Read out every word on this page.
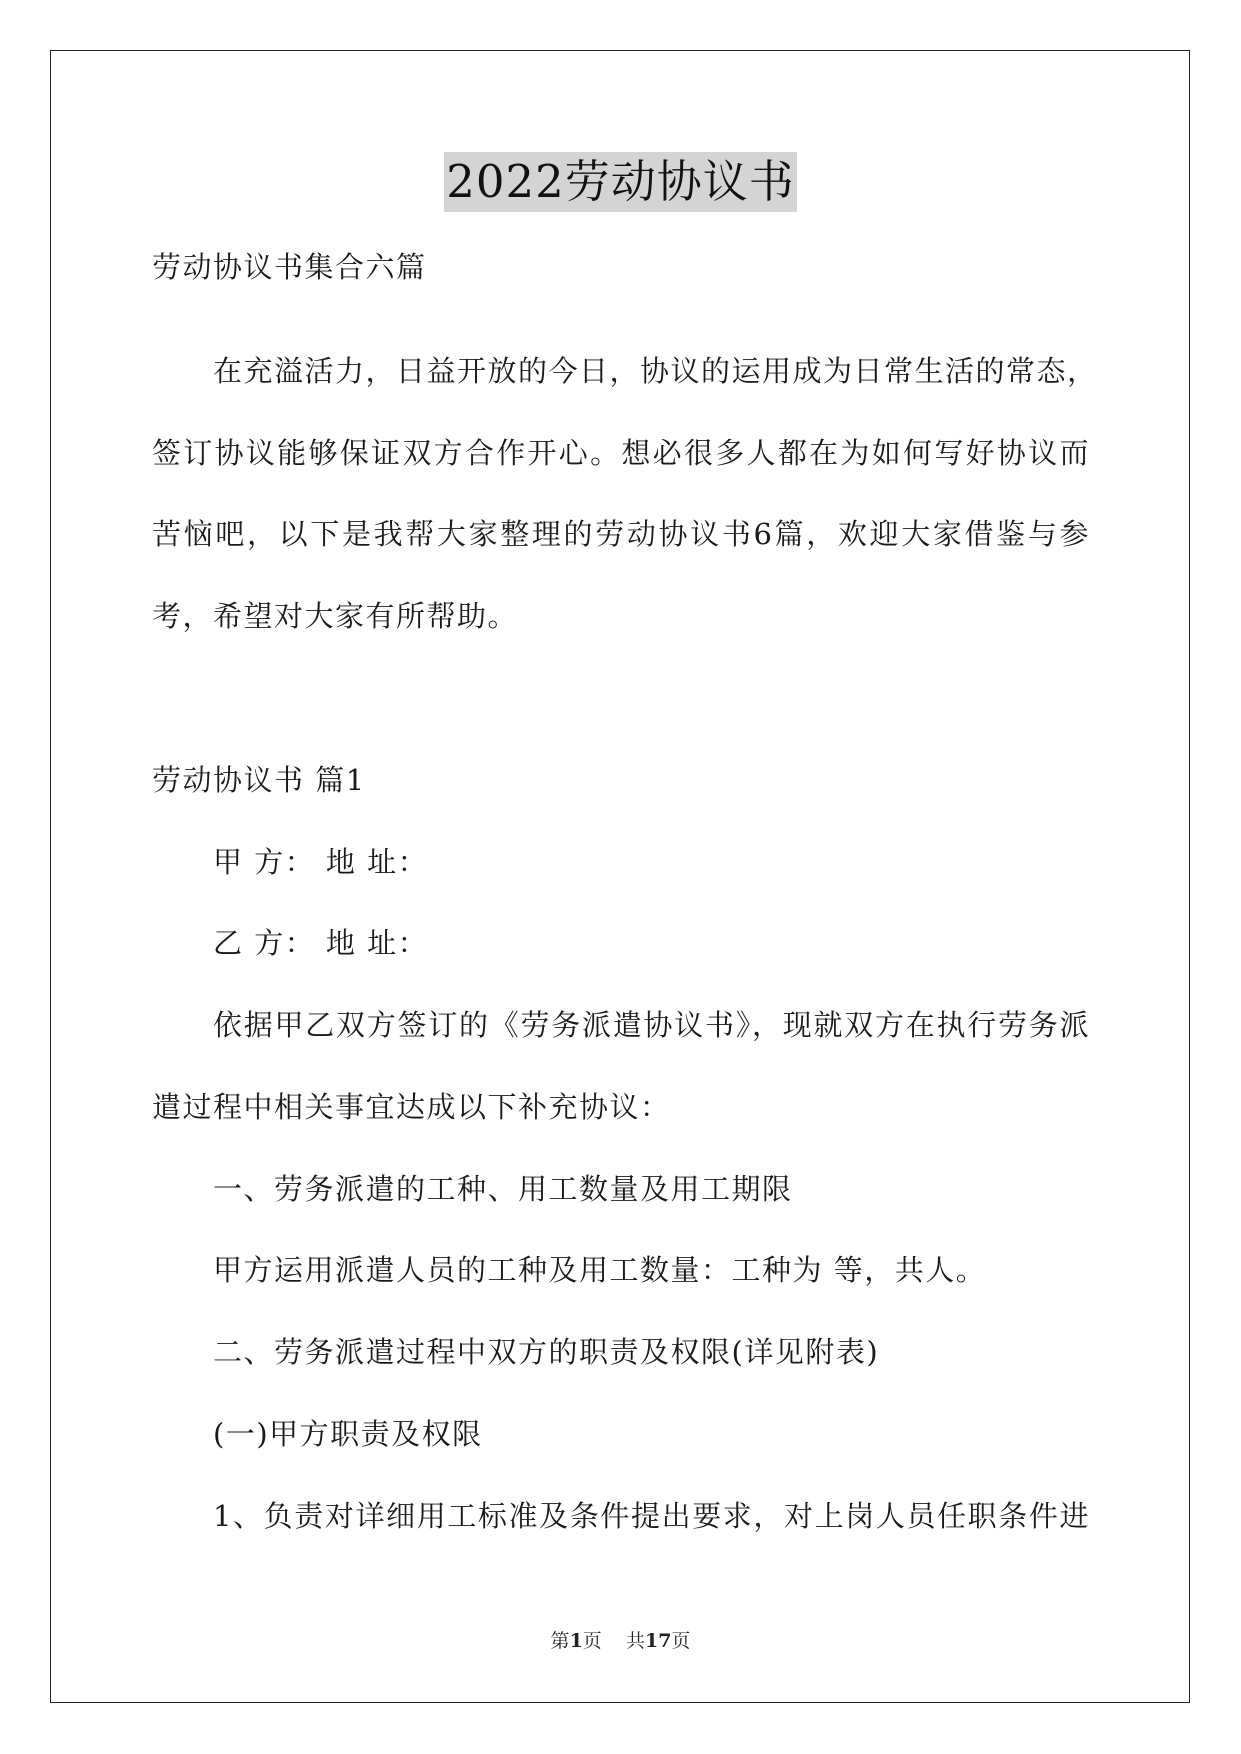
2022劳动协议书
劳动协议书集合六篇
在充溢活力，日益开放的今日，协议的运用成为日常生活的常态，
签订协议能够保证双方合作开心。想必很多人都在为如何写好协议而
苦恼吧，以下是我帮大家整理的劳动协议书6篇，欢迎大家借鉴与参
考，希望对大家有所帮助。
劳动协议书 篇1
甲 方： 地 址：
乙 方： 地 址：
依据甲乙双方签订的《劳务派遣协议书》，现就双方在执行劳务派
遣过程中相关事宜达成以下补充协议：
一、劳务派遣的工种、用工数量及用工期限
甲方运用派遣人员的工种及用工数量：工种为 等，共人。
二、劳务派遣过程中双方的职责及权限(详见附表)
(一)甲方职责及权限
1、负责对详细用工标准及条件提出要求，对上岗人员任职条件进
第1页    共17页
